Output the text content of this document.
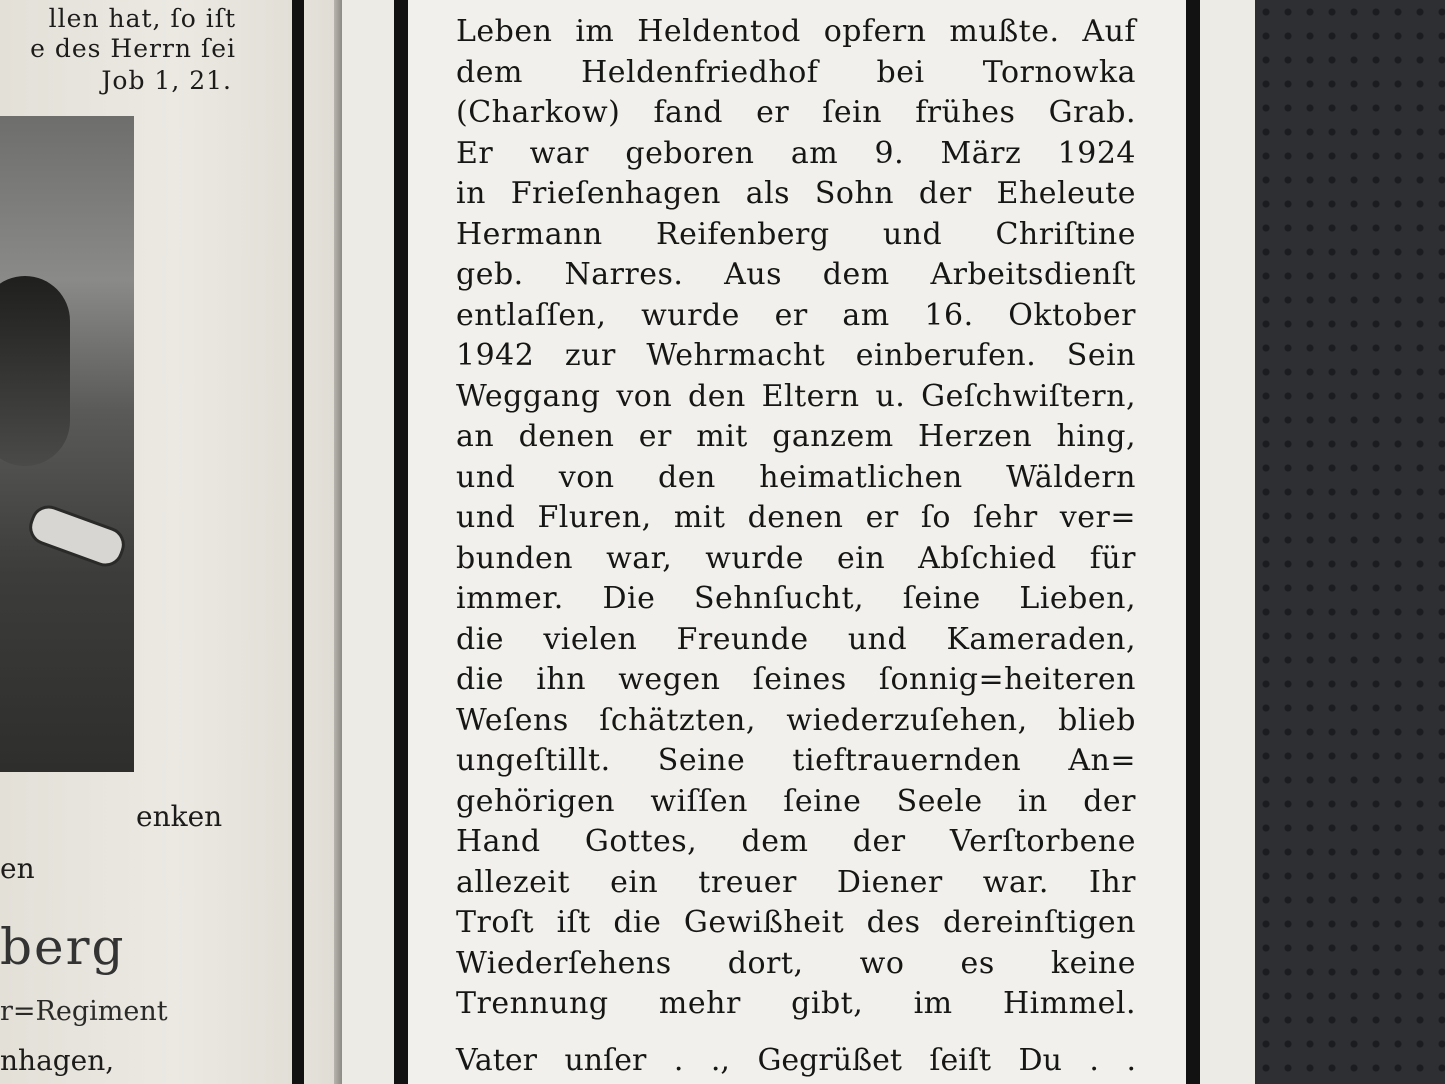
llen hat, ſo iſt
e des Herrn ſei
Job 1, 21.
enken
en
berg
r=Regiment
nhagen,
Leben im Heldentod opfern mußte. Auf
dem Heldenfriedhof bei Tornowka
(Charkow) fand er ſein frühes Grab.
Er war geboren am 9. März 1924
in Frieſenhagen als Sohn der Eheleute
Hermann Reifenberg und Chriſtine
geb. Narres. Aus dem Arbeitsdienſt
entlaſſen, wurde er am 16. Oktober
1942 zur Wehrmacht einberufen. Sein
Weggang von den Eltern u. Geſchwiſtern,
an denen er mit ganzem Herzen hing,
und von den heimatlichen Wäldern
und Fluren, mit denen er ſo ſehr ver=
bunden war, wurde ein Abſchied für
immer. Die Sehnſucht, ſeine Lieben,
die vielen Freunde und Kameraden,
die ihn wegen ſeines ſonnig=heiteren
Weſens ſchätzten, wiederzuſehen, blieb
ungeſtillt. Seine tieftrauernden An=
gehörigen wiſſen ſeine Seele in der
Hand Gottes, dem der Verſtorbene
allezeit ein treuer Diener war. Ihr
Troſt iſt die Gewißheit des dereinſtigen
Wiederſehens dort, wo es keine
Trennung mehr gibt, im Himmel.
Vater unſer . ., Gegrüßet ſeiſt Du . .
